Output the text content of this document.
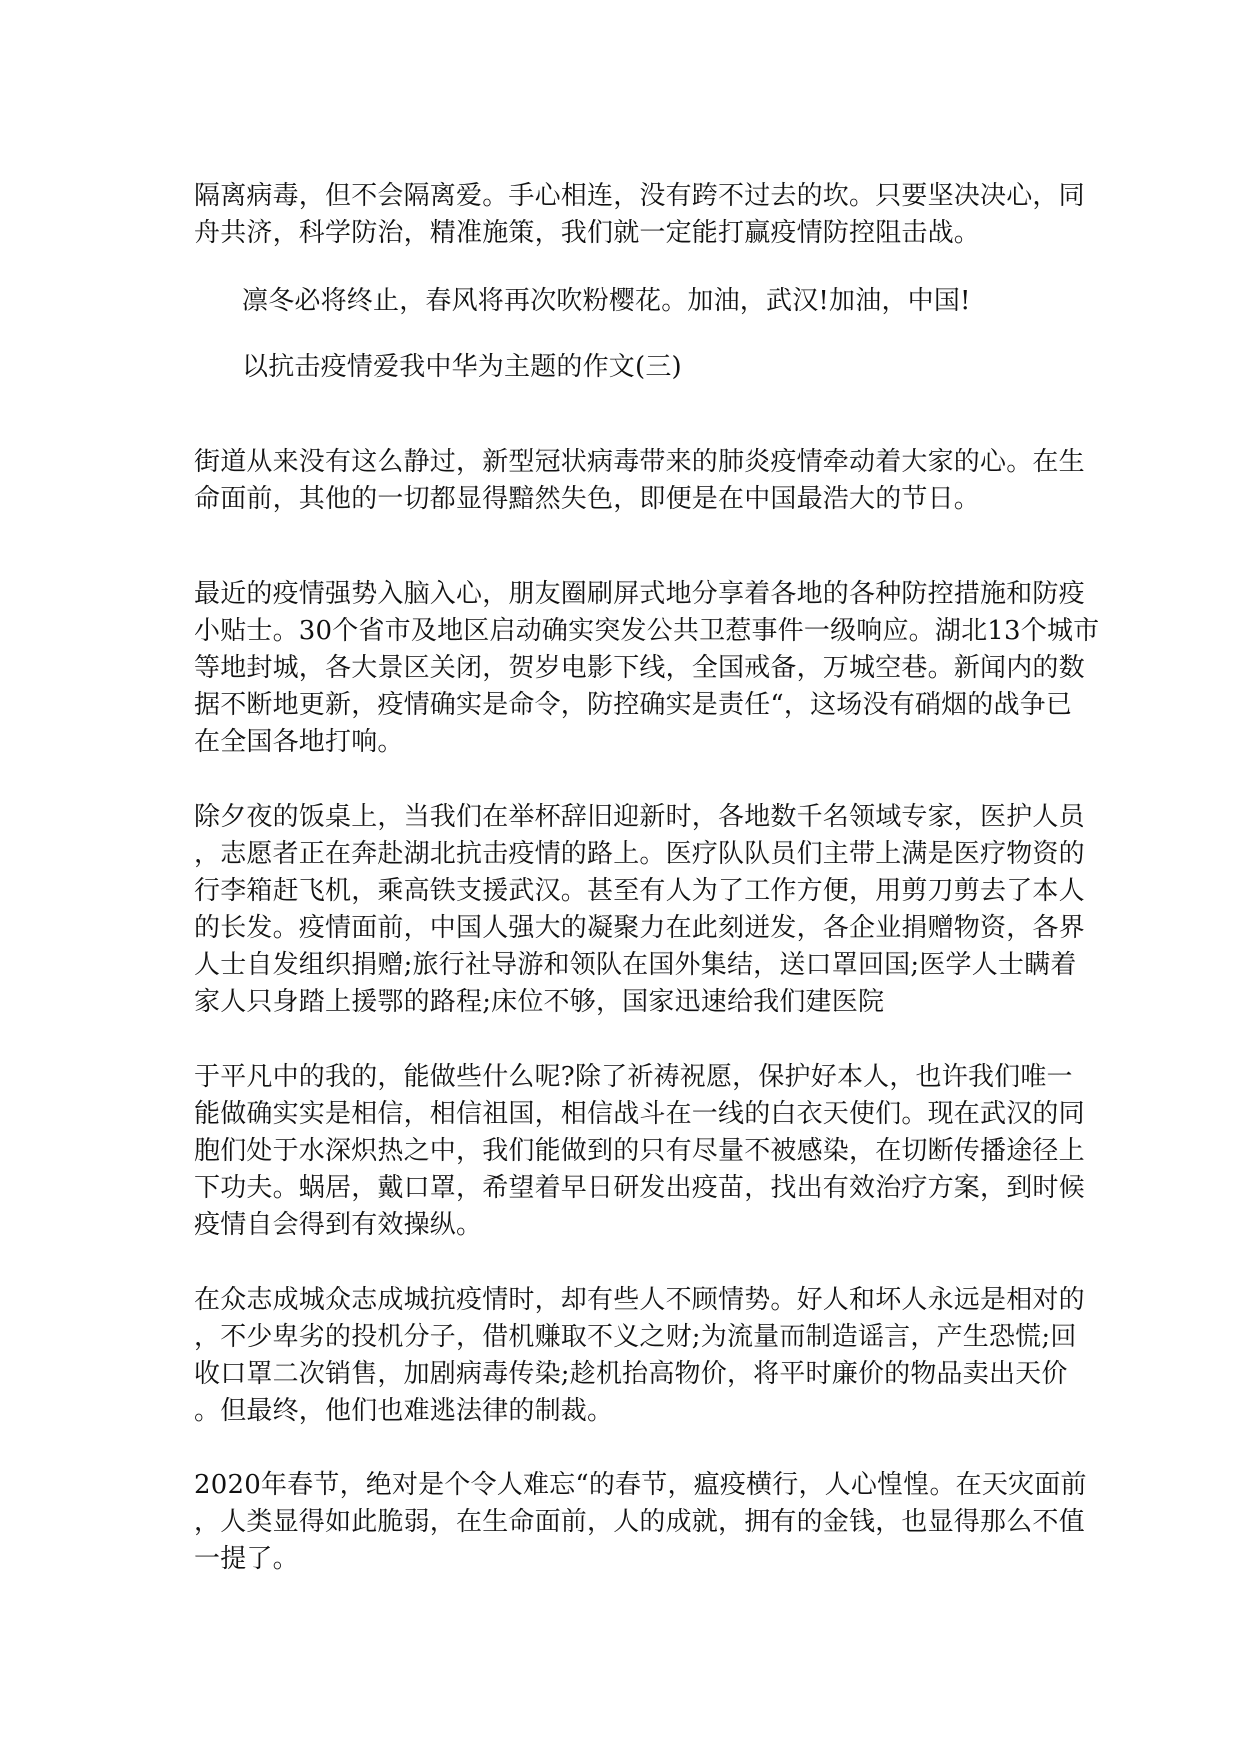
隔离病毒，但不会隔离爱。手心相连，没有跨不过去的坎。只要坚决决心，同
舟共济，科学防治，精准施策，我们就一定能打赢疫情防控阻击战。
凛冬必将终止，春风将再次吹粉樱花。加油，武汉!加油，中国!
以抗击疫情爱我中华为主题的作文(三)
街道从来没有这么静过，新型冠状病毒带来的肺炎疫情牵动着大家的心。在生
命面前，其他的一切都显得黯然失色，即便是在中国最浩大的节日。
最近的疫情强势入脑入心，朋友圈刷屏式地分享着各地的各种防控措施和防疫
小贴士。30个省市及地区启动确实突发公共卫惹事件一级响应。湖北13个城市
等地封城，各大景区关闭，贺岁电影下线，全国戒备，万城空巷。新闻内的数
据不断地更新，疫情确实是命令，防控确实是责任“，这场没有硝烟的战争已
在全国各地打响。
除夕夜的饭桌上，当我们在举杯辞旧迎新时，各地数千名领域专家，医护人员
，志愿者正在奔赴湖北抗击疫情的路上。医疗队队员们主带上满是医疗物资的
行李箱赶飞机，乘高铁支援武汉。甚至有人为了工作方便，用剪刀剪去了本人
的长发。疫情面前，中国人强大的凝聚力在此刻迸发，各企业捐赠物资，各界
人士自发组织捐赠;旅行社导游和领队在国外集结，送口罩回国;医学人士瞒着
家人只身踏上援鄂的路程;床位不够，国家迅速给我们建医院
于平凡中的我的，能做些什么呢?除了祈祷祝愿，保护好本人，也许我们唯一
能做确实实是相信，相信祖国，相信战斗在一线的白衣天使们。现在武汉的同
胞们处于水深炽热之中，我们能做到的只有尽量不被感染，在切断传播途径上
下功夫。蜗居，戴口罩，希望着早日研发出疫苗，找出有效治疗方案，到时候
疫情自会得到有效操纵。
在众志成城众志成城抗疫情时，却有些人不顾情势。好人和坏人永远是相对的
，不少卑劣的投机分子，借机赚取不义之财;为流量而制造谣言，产生恐慌;回
收口罩二次销售，加剧病毒传染;趁机抬高物价，将平时廉价的物品卖出天价
。但最终，他们也难逃法律的制裁。
2020年春节，绝对是个令人难忘“的春节，瘟疫横行，人心惶惶。在天灾面前
，人类显得如此脆弱，在生命面前，人的成就，拥有的金钱，也显得那么不值
一提了。
